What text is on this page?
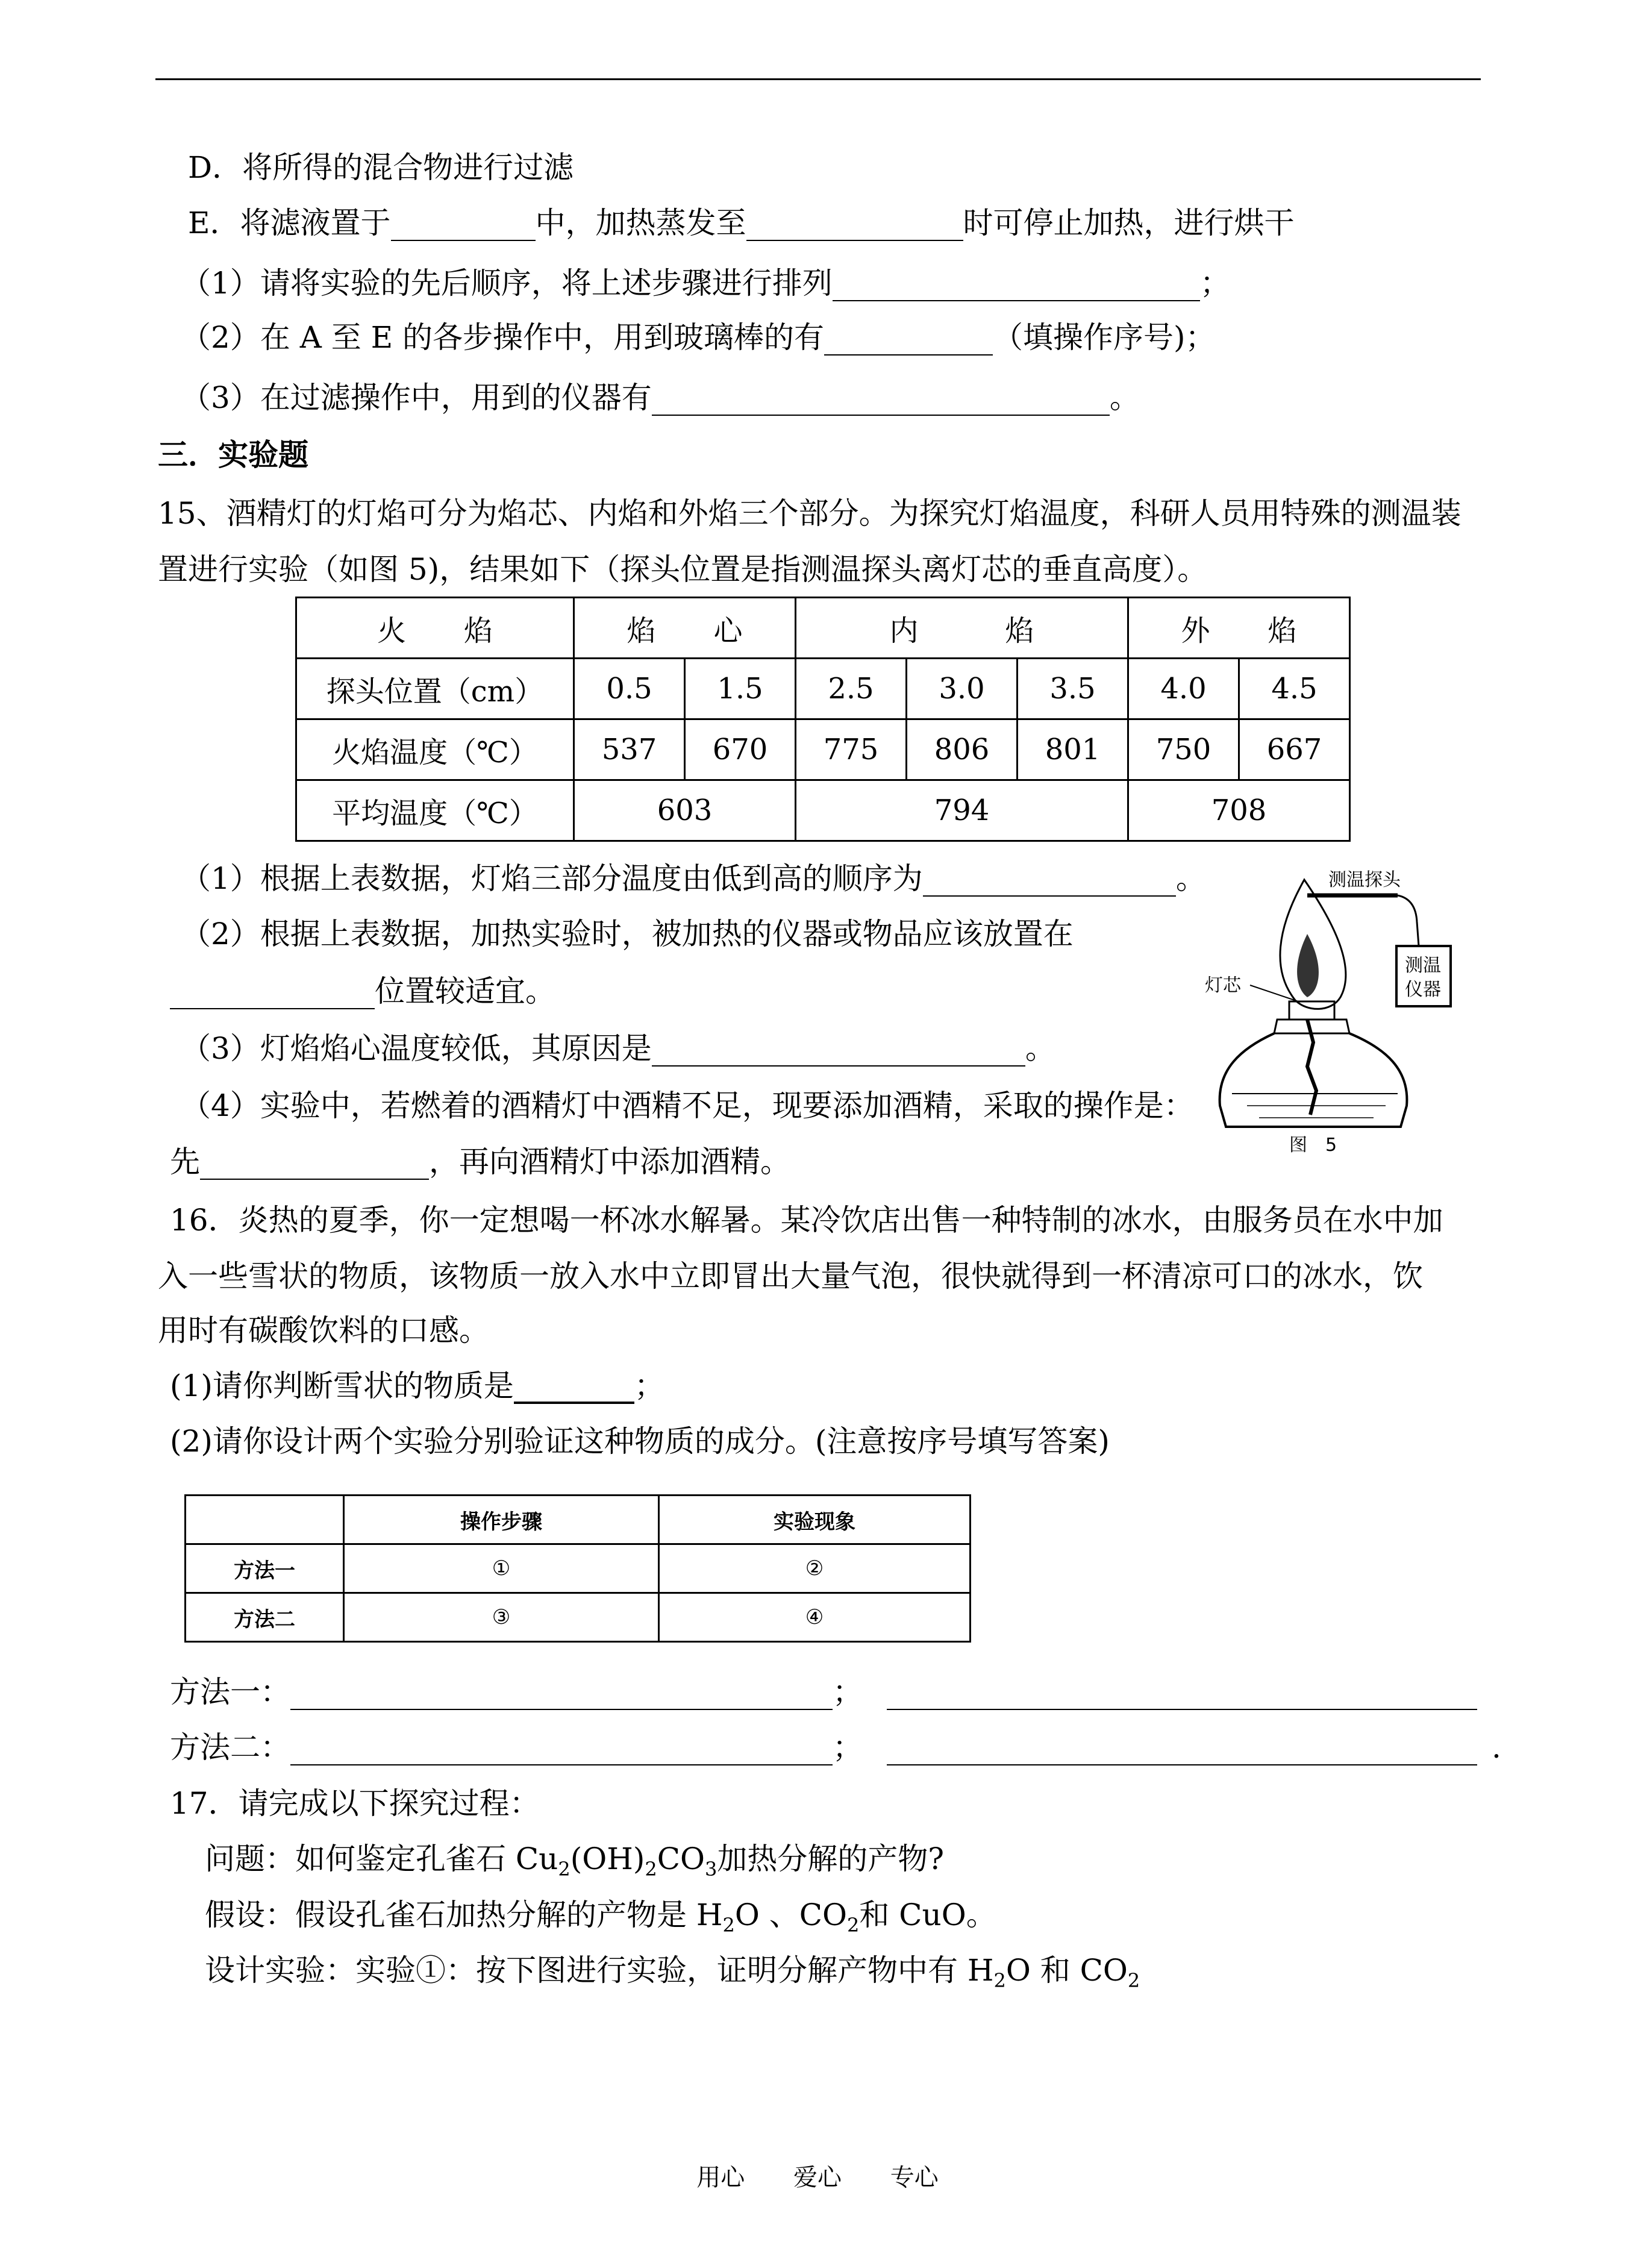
D．将所得的混合物进行过滤
E．将滤液置于	中，加热蒸发至	时可停止加热，进行烘干
（1）请将实验的先后顺序，将上述步骤进行排列	；
（2）在 A 至 E 的各步操作中，用到玻璃棒的有	（填操作序号)；
（3）在过滤操作中，用到的仪器有	。
三．实验题
15、酒精灯的灯焰可分为焰芯、内焰和外焰三个部分。为探究灯焰温度，科研人员用特殊的测温装
置进行实验（如图 5)，结果如下（探头位置是指测温探头离灯芯的垂直高度）。
火　　焰	焰　　心		内　　　焰			外　　焰	
探头位置（cm）	0.5	1.5	2.5	3.0	3.5	4.0	4.5
火焰温度（℃）	537	670	775	806	801	750	667
平均温度（℃）	603		794			708	
（1）根据上表数据，灯焰三部分温度由低到高的顺序为	。
（2）根据上表数据，加热实验时，被加热的仪器或物品应该放置在
位置较适宜。
（3）灯焰焰心温度较低，其原因是	。
（4）实验中，若燃着的酒精灯中酒精不足，现要添加酒精，采取的操作是：
先	，再向酒精灯中添加酒精。
测温探头
测温
仪器
灯芯
图　5
16．炎热的夏季，你一定想喝一杯冰水解暑。某冷饮店出售一种特制的冰水，由服务员在水中加
入一些雪状的物质，该物质一放入水中立即冒出大量气泡，很快就得到一杯清凉可口的冰水，饮
用时有碳酸饮料的口感。
(1)请你判断雪状的物质是	；
(2)请你设计两个实验分别验证这种物质的成分。(注意按序号填写答案)
	操作步骤	实验现象
方法一	①	②
方法二	③	④
方法一：	；
方法二：	；	.
17．请完成以下探究过程：
问题：如何鉴定孔雀石 $Cu_2(OH)_2CO_3$加热分解的产物?
假设：假设孔雀石加热分解的产物是 $H_2O$ 、$CO_2$和 CuO。
设计实验：实验①：按下图进行实验，证明分解产物中有 $H_2O$ 和 $CO_2$
用心 爱心 专心
